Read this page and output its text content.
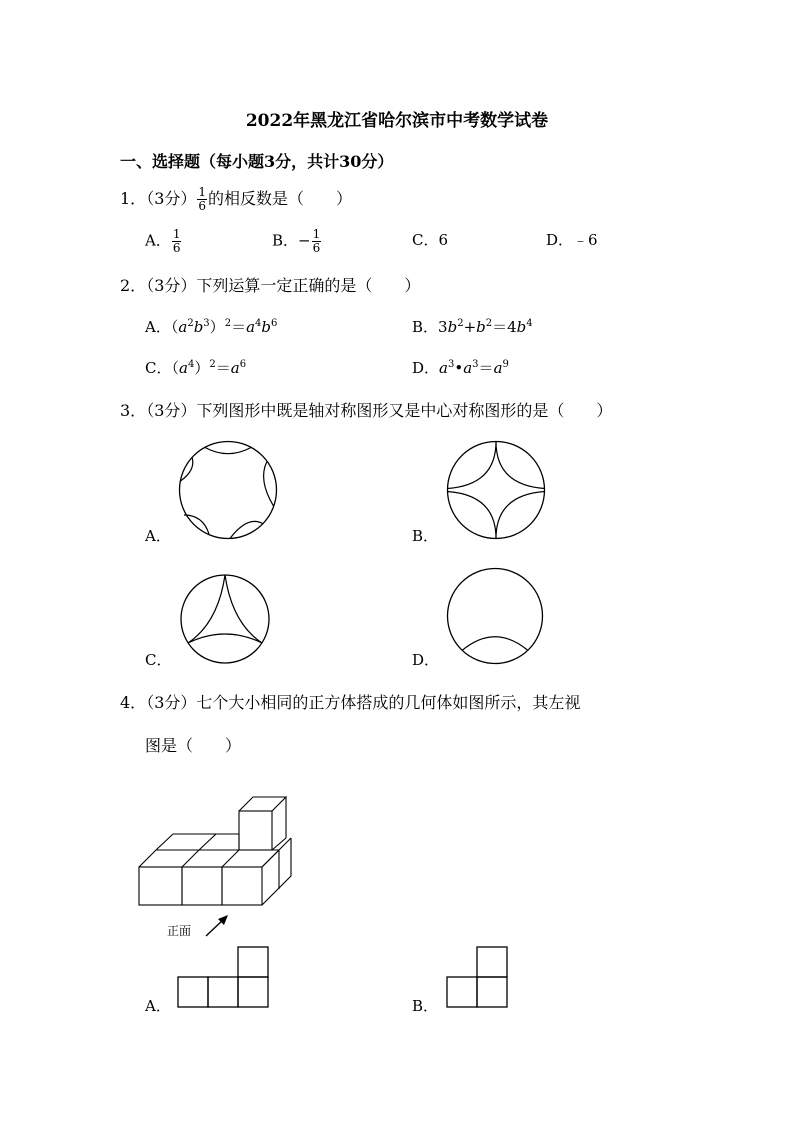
2022年黑龙江省哈尔滨市中考数学试卷
一、选择题（每小题3分，共计30分）
1．（3分） $\frac{1}{6}$ 的相反数是（　　）
A． $\frac{1}{6}$	B．− $\frac{1}{6}$	C．6	D．﹣6
2．（3分）下列运算一定正确的是（　　）
A．$(a^2b^3)^2=a^4b^6$	B．$3b^2+b^2=4b^4$
C．$(a^4)^2=a^6$	D．$a^3•a^3=a^9$
3．（3分）下列图形中既是轴对称图形又是中心对称图形的是（　　）
A．	B．
C．	D．
4．（3分）七个大小相同的正方体搭成的几何体如图所示，其左视
图是（　　）
正面
A．	B．
